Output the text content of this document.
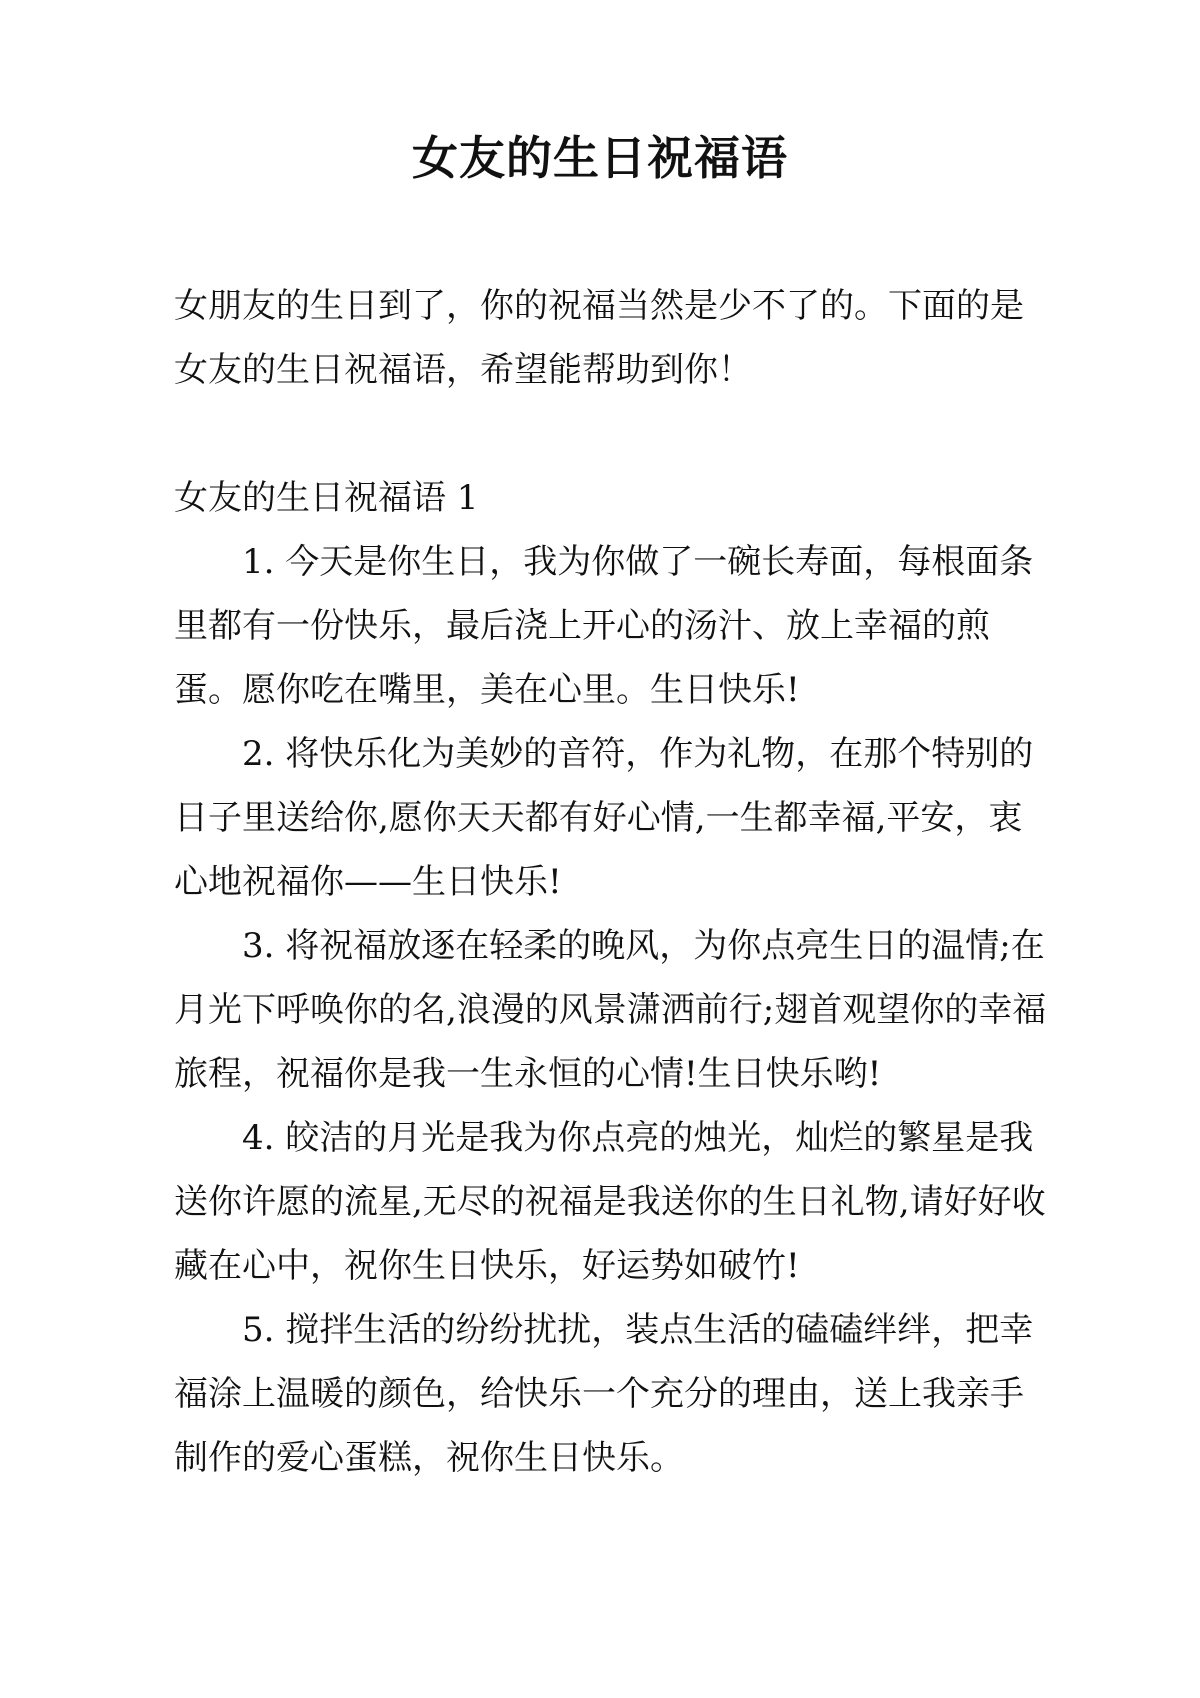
女友的生日祝福语

女朋友的生日到了，你的祝福当然是少不了的。下面的是女友的生日祝福语，希望能帮助到你！

女友的生日祝福语 1

1. 今天是你生日，我为你做了一碗长寿面，每根面条里都有一份快乐，最后浇上开心的汤汁、放上幸福的煎蛋。愿你吃在嘴里，美在心里。生日快乐!

2. 将快乐化为美妙的音符，作为礼物，在那个特别的日子里送给你,愿你天天都有好心情,一生都幸福,平安，衷心地祝福你——生日快乐!

3. 将祝福放逐在轻柔的晚风，为你点亮生日的温情;在月光下呼唤你的名,浪漫的风景潇洒前行;翅首观望你的幸福旅程，祝福你是我一生永恒的心情!生日快乐哟!

4. 皎洁的月光是我为你点亮的烛光，灿烂的繁星是我送你许愿的流星,无尽的祝福是我送你的生日礼物,请好好收藏在心中，祝你生日快乐，好运势如破竹!

5. 搅拌生活的纷纷扰扰，装点生活的磕磕绊绊，把幸福涂上温暖的颜色，给快乐一个充分的理由，送上我亲手制作的爱心蛋糕，祝你生日快乐。
